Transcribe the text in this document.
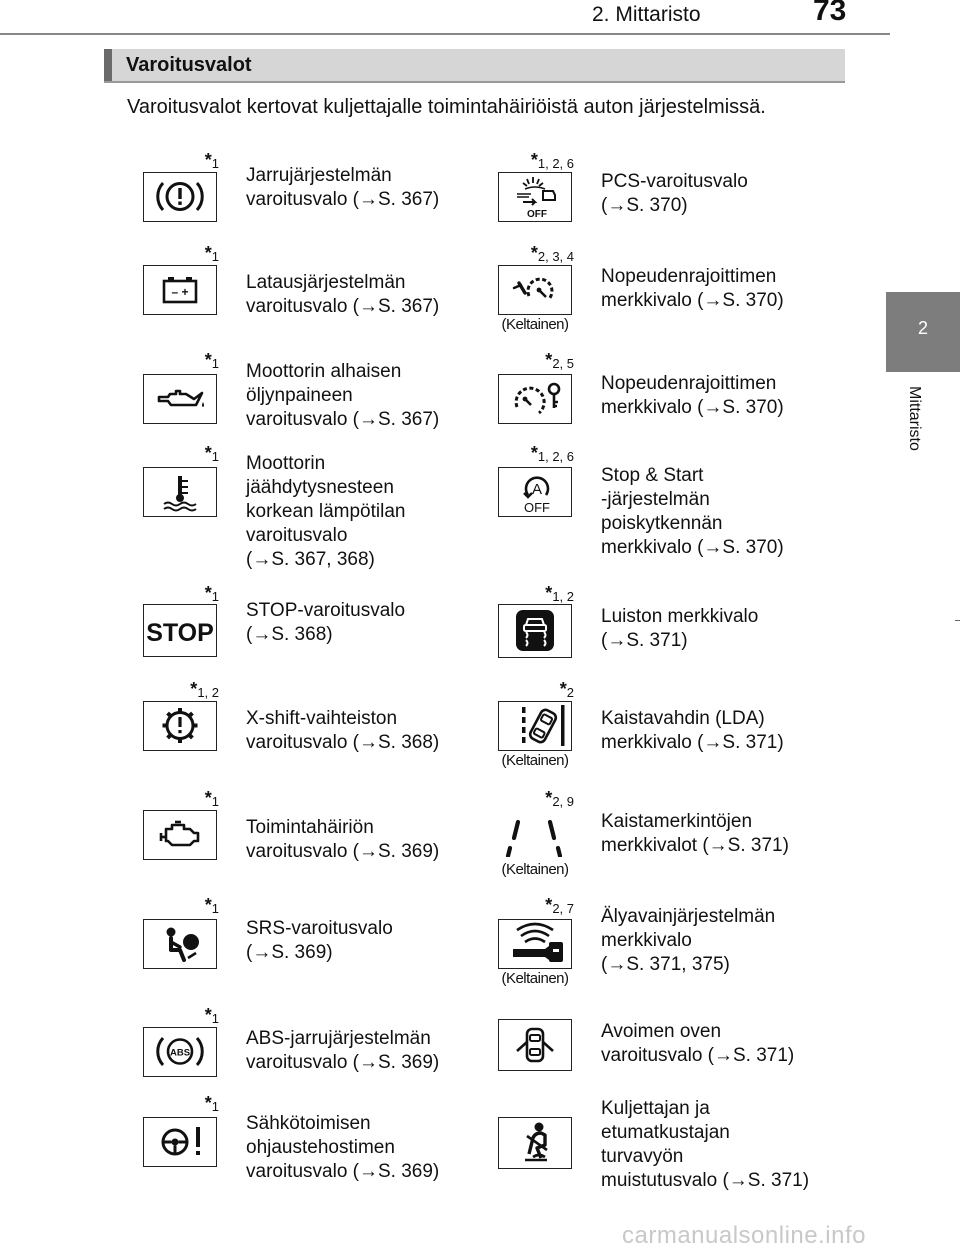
2. Mittaristo	73
2
Mittaristo
Varoitusvalot
Varoitusvalot kertovat kuljettajalle toimintahäiriöistä auton järjestelmissä.
*1
Jarrujärjestelmän
varoitusvalo (→S. 367)
*1
– +	Latausjärjestelmän
varoitusvalo (→S. 367)
*1 Moottorin alhaisen
öljynpaineen
varoitusvalo (→S. 367)
*1 Moottorin
jäähdytysnesteen
korkean lämpötilan
varoitusvalo
(→S. 367, 368)
*1
STOP
STOP-varoitusvalo
(→S. 368)
*1, 2
X-shift-vaihteiston
varoitusvalo (→S. 368)
*1
Toimintahäiriön
varoitusvalo (→S. 369)
*1
SRS-varoitusvalo
(→S. 369)
*1
ABS
ABS-jarrujärjestelmän
varoitusvalo (→S. 369)
*1
Sähkötoimisen
ohjaustehostimen
varoitusvalo (→S. 369)
*1, 2, 6
OFF
PCS-varoitusvalo
(→S. 370)
*2, 3, 4
(Keltainen)
Nopeudenrajoittimen
merkkivalo (→S. 370)
*2, 5
Nopeudenrajoittimen
merkkivalo (→S. 370)
*1, 2, 6
A
OFF
Stop & Start
-järjestelmän
poiskytkennän
merkkivalo (→S. 370)
*1, 2
Luiston merkkivalo
(→S. 371)
*2
(Keltainen)
Kaistavahdin (LDA)
merkkivalo (→S. 371)
*2, 9
(Keltainen)
Kaistamerkintöjen
merkkivalot (→S. 371)
*2, 7
(Keltainen)
Älyavainjärjestelmän
merkkivalo
(→S. 371, 375)
Avoimen oven
varoitusvalo (→S. 371)
Kuljettajan ja
etumatkustajan
turvavyön
muistutusvalo (→S. 371)
carmanualsonline.info
